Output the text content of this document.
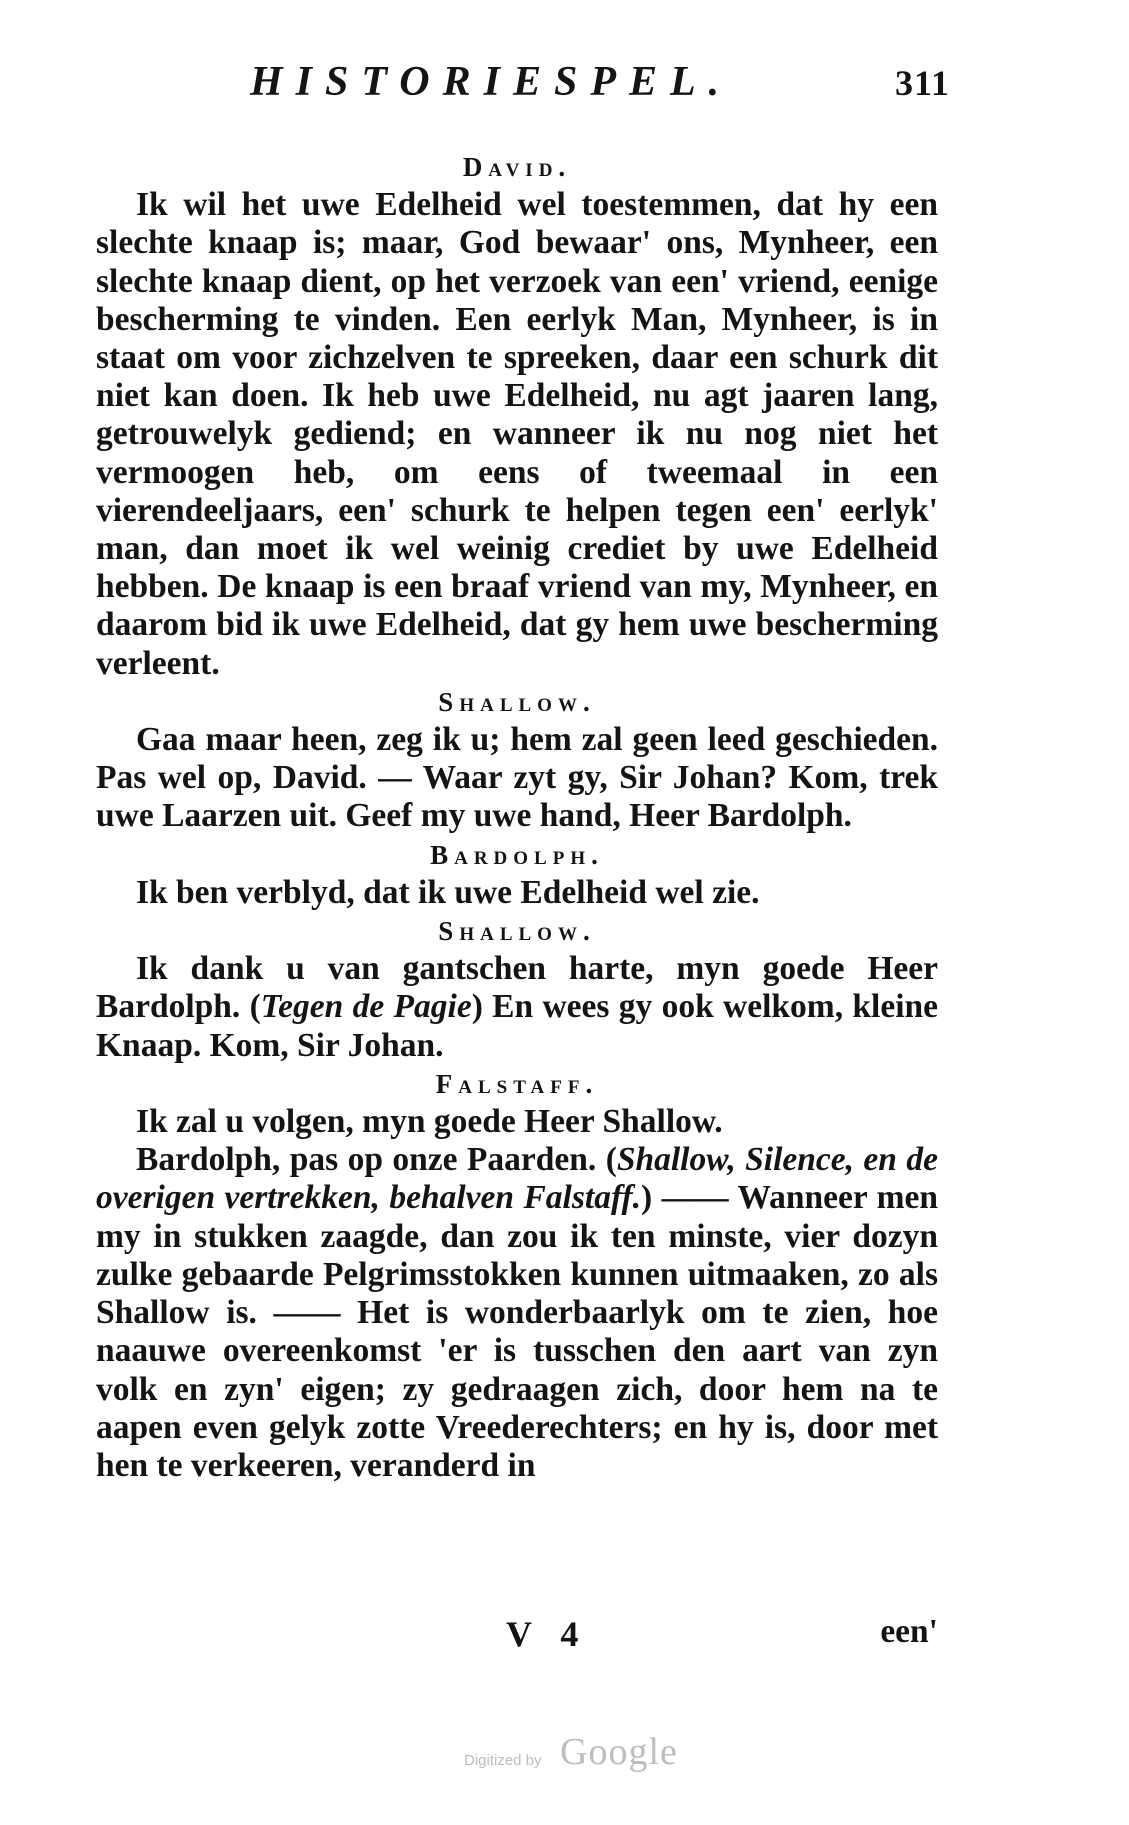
HISTORIESPEL.	311
David.

Ik wil het uwe Edelheid wel toestemmen, dat hy een slechte knaap is; maar, God bewaar' ons, Mynheer, een slechte knaap dient, op het verzoek van een' vriend, eenige bescherming te vinden. Een eerlyk Man, Mynheer, is in staat om voor zichzelven te spreeken, daar een schurk dit niet kan doen. Ik heb uwe Edelheid, nu agt jaaren lang, getrouwelyk gediend; en wanneer ik nu nog niet het vermoogen heb, om eens of tweemaal in een vierendeeljaars, een' schurk te helpen tegen een' eerlyk' man, dan moet ik wel weinig crediet by uwe Edelheid hebben. De knaap is een braaf vriend van my, Mynheer, en daarom bid ik uwe Edelheid, dat gy hem uwe bescherming verleent.

Shallow.

Gaa maar heen, zeg ik u; hem zal geen leed geschieden. Pas wel op, David. — Waar zyt gy, Sir Johan? Kom, trek uwe Laarzen uit. Geef my uwe hand, Heer Bardolph.

Bardolph.

Ik ben verblyd, dat ik uwe Edelheid wel zie.

Shallow.

Ik dank u van gantschen harte, myn goede Heer Bardolph. (Tegen de Pagie) En wees gy ook welkom, kleine Knaap. Kom, Sir Johan.

Falstaff.

Ik zal u volgen, myn goede Heer Shallow.

Bardolph, pas op onze Paarden. (Shallow, Silence, en de overigen vertrekken, behalven Falstaff.) —— Wanneer men my in stukken zaagde, dan zou ik ten minste, vier dozyn zulke gebaarde Pelgrimsstokken kunnen uitmaaken, zo als Shallow is. —— Het is wonderbaarlyk om te zien, hoe naauwe overeenkomst 'er is tusschen den aart van zyn volk en zyn' eigen; zy gedraagen zich, door hem na te aapen even gelyk zotte Vreederechters; en hy is, door met hen te verkeeren, veranderd in

V 4	een'
Digitized by Google
